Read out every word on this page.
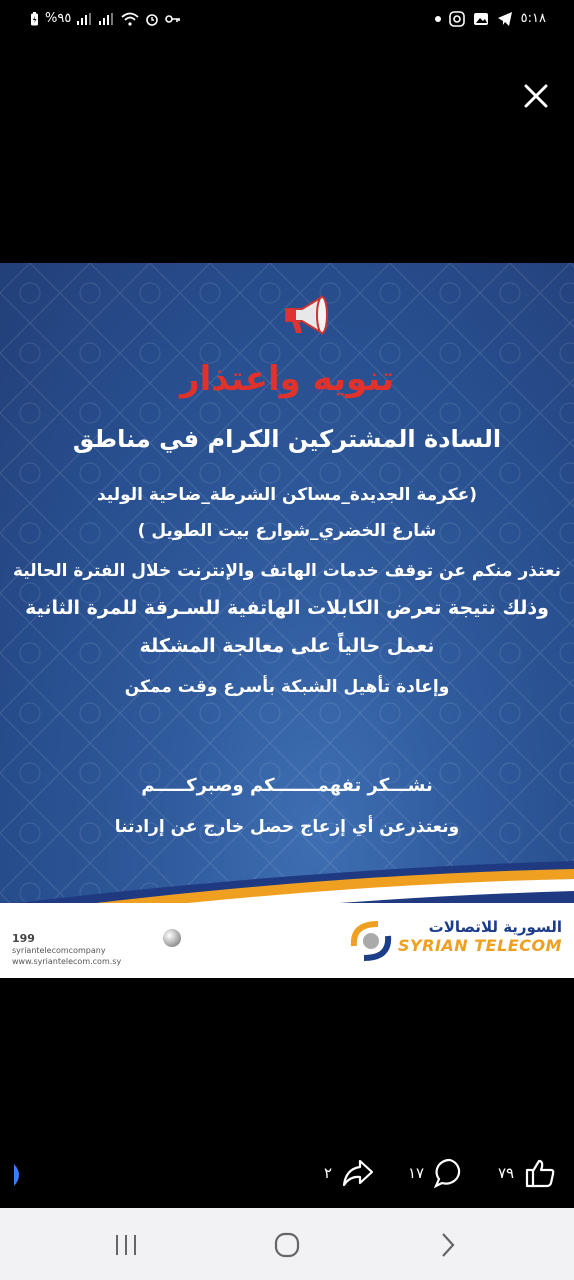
%٩٥	٥:١٨
تنويه واعتذار
السادة المشتركين الكرام في مناطق
(عكرمة الجديدة_مساكن الشرطة_ضاحية الوليد
شارع الخضري_شوارع بيت الطويل )
نعتذر منكم عن توقف خدمات الهاتف والإنترنت خلال الفترة الحالية
وذلك نتيجة تعرض الكابلات الهاتفية للسـرقة للمرة الثانية
نعمل حالياً على معالجة المشكلة
وإعادة تأهيل الشبكة بأسرع وقت ممكن
نشـــكر تفهمـــــــكم وصبركـــــم
ونعتذرعن أي إزعاج حصل خارج عن إرادتنا
199
syriantelecomcompany
www.syriantelecom.com.sy
السورية للاتصالات
SYRIAN TELECOM
٢	١٧	٧٩
